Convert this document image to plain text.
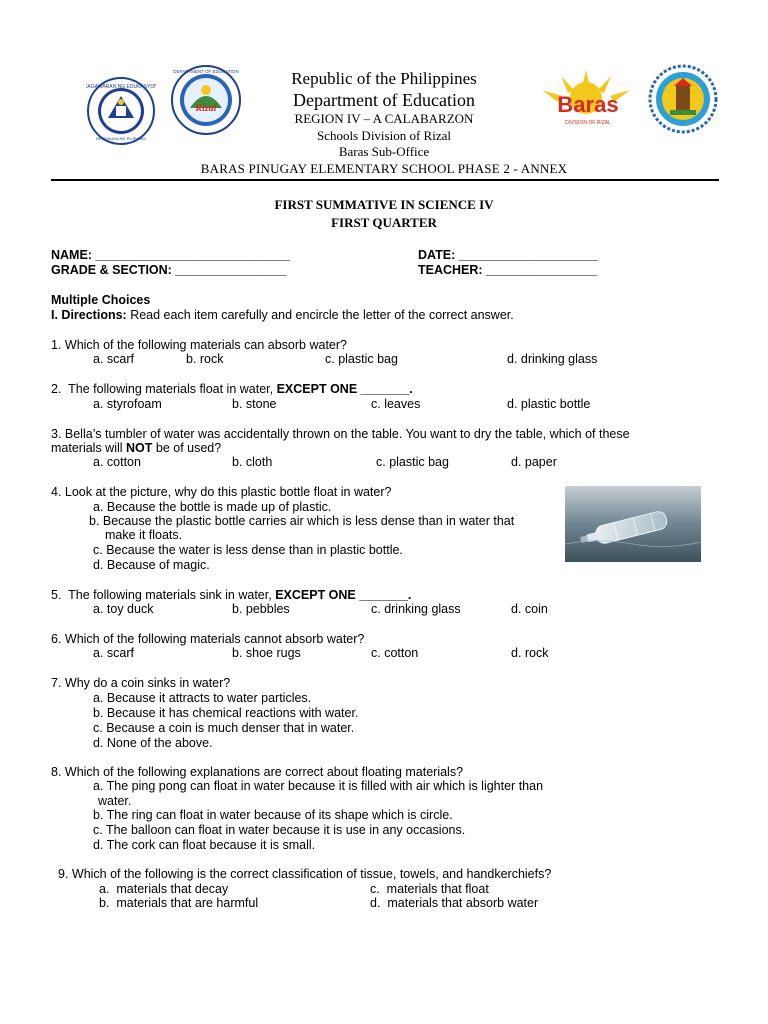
KAGAWARAN NG EDUKASYON
REPUBLIKA NG PILIPINAS
Rizal
DEPARTMENT OF EDUCATION
Baras
DIVISION OF RIZAL
Republic of the Philippines
Department of Education
REGION IV – A CALABARZON
Schools Division of Rizal
Baras Sub-Office
BARAS PINUGAY ELEMENTARY SCHOOL PHASE 2 - ANNEX
FIRST SUMMATIVE IN SCIENCE IV
FIRST QUARTER
NAME: ____________________________	DATE: ____________________
GRADE & SECTION: ________________	TEACHER: ________________
Multiple Choices
I. Directions: Read each item carefully and encircle the letter of the correct answer.
1. Which of the following materials can absorb water?
a. scarf	b. rock	c. plastic bag	d. drinking glass
2.  The following materials float in water, EXCEPT ONE _______.
a. styrofoam	b. stone	c. leaves	d. plastic bottle
3. Bella’s tumbler of water was accidentally thrown on the table. You want to dry the table, which of these
materials will NOT be of used?
a. cotton	b. cloth	c. plastic bag	d. paper
4. Look at the picture, why do this plastic bottle float in water?
a. Because the bottle is made up of plastic.
b. Because the plastic bottle carries air which is less dense than in water that
make it floats.
c. Because the water is less dense than in plastic bottle.
d. Because of magic.
5.  The following materials sink in water, EXCEPT ONE _______.
a. toy duck	b. pebbles	c. drinking glass	d. coin
6. Which of the following materials cannot absorb water?
a. scarf	b. shoe rugs	c. cotton	d. rock
7. Why do a coin sinks in water?
a. Because it attracts to water particles.
b. Because it has chemical reactions with water.
c. Because a coin is much denser that in water.
d. None of the above.
8. Which of the following explanations are correct about floating materials?
a. The ping pong can float in water because it is filled with air which is lighter than
water.
b. The ring can float in water because of its shape which is circle.
c. The balloon can float in water because it is use in any occasions.
d. The cork can float because it is small.
9. Which of the following is the correct classification of tissue, towels, and handkerchiefs?
a.  materials that decay	c.  materials that float
b.  materials that are harmful	d.  materials that absorb water
